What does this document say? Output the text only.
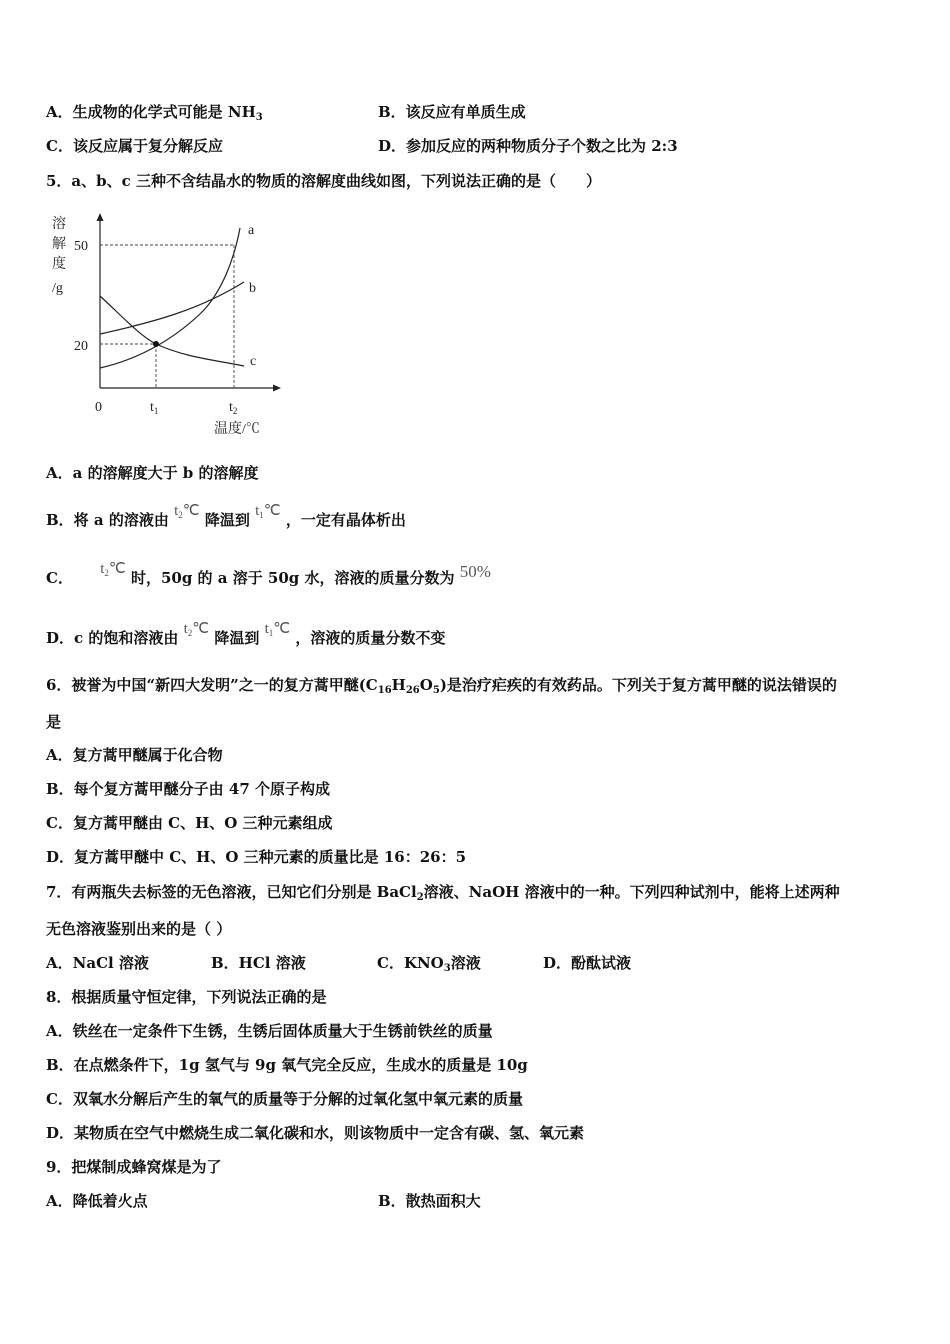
A．生成物的化学式可能是 $NH_3$	B．该反应有单质生成
C．该反应属于复分解反应	D．参加反应的两种物质分子个数之比为 2:3
5．a、b、c 三种不含结晶水的物质的溶解度曲线如图，下列说法正确的是（　　）
溶
解
度
/g
50
20
0	$t_1$	$t_2$
温度/℃
a
b
c
A．a 的溶解度大于 b 的溶解度
B．将 a 的溶液由 $t_2℃$ 降温到 $t_1℃$ ，一定有晶体析出
C． $t_2℃$ 时，50g 的 a 溶于 50g 水，溶液的质量分数为 50%
D．c 的饱和溶液由 $t_2℃$ 降温到 $t_1℃$ ，溶液的质量分数不变
6．被誉为中国“新四大发明”之一的复方蒿甲醚$(C_{16}H_{26}O_5)$是治疗疟疾的有效药品。下列关于复方蒿甲醚的说法错误的
是
A．复方蒿甲醚属于化合物
B．每个复方蒿甲醚分子由 47 个原子构成
C．复方蒿甲醚由 C、H、O 三种元素组成
D．复方蒿甲醚中 C、H、O 三种元素的质量比是 16：26：5
7．有两瓶失去标签的无色溶液，已知它们分别是 BaCl$_2$溶液、NaOH 溶液中的一种。下列四种试剂中，能将上述两种
无色溶液鉴别出来的是（ ）
A．NaCl 溶液	B．HCl 溶液	C．$KNO_3$溶液	D．酚酞试液
8．根据质量守恒定律，下列说法正确的是
A．铁丝在一定条件下生锈，生锈后固体质量大于生锈前铁丝的质量
B．在点燃条件下，1g 氢气与 9g 氧气完全反应，生成水的质量是 10g
C．双氧水分解后产生的氧气的质量等于分解的过氧化氢中氧元素的质量
D．某物质在空气中燃烧生成二氧化碳和水，则该物质中一定含有碳、氢、氧元素
9．把煤制成蜂窝煤是为了
A．降低着火点	B．散热面积大
